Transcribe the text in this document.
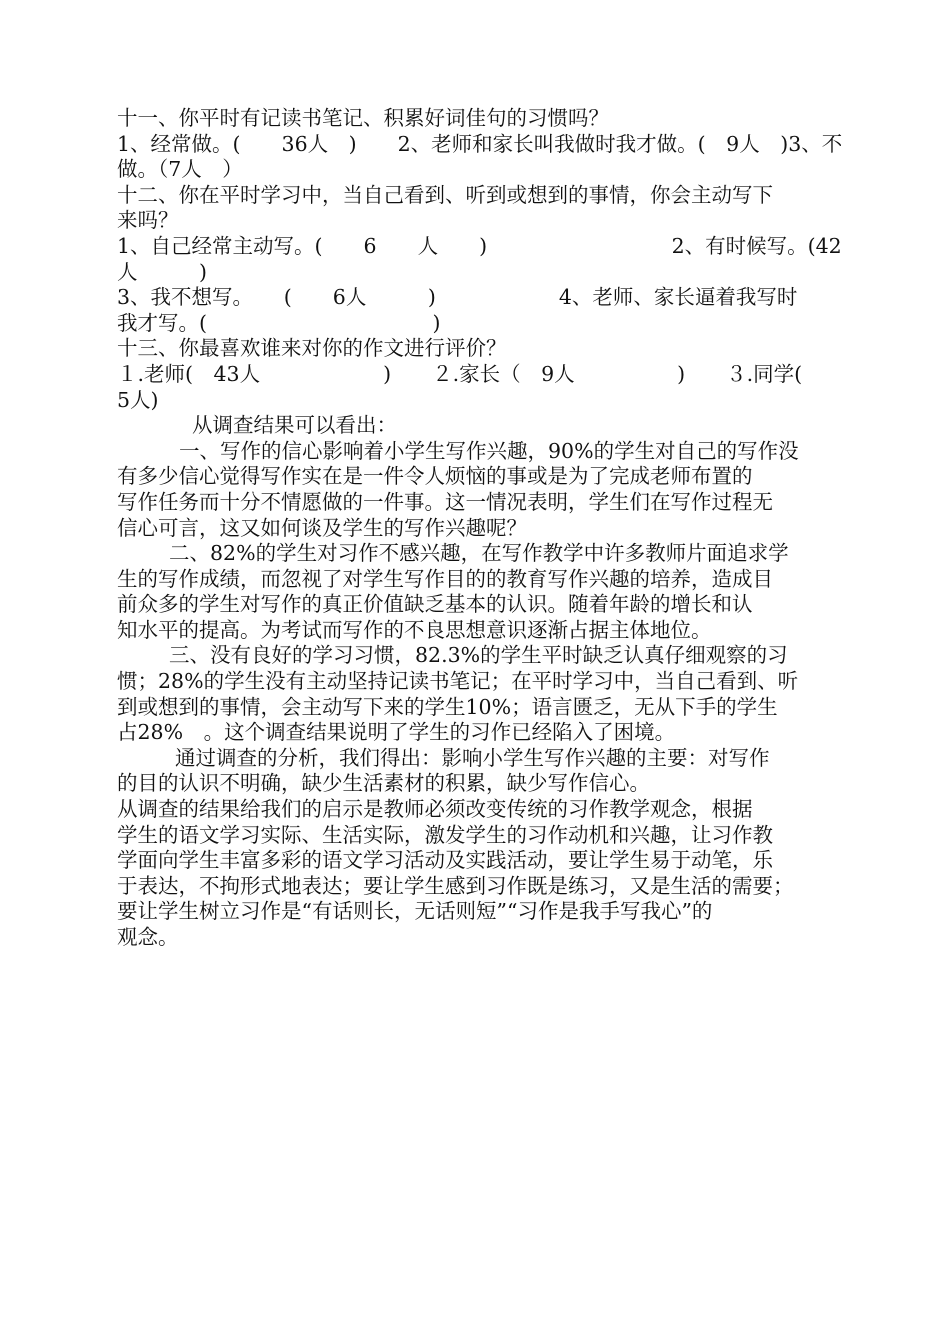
十一、你平时有记读书笔记、积累好词佳句的习惯吗？
1、经常做。(　　36人　)　　2、老师和家长叫我做时我才做。(　9人　)3、不
做。（7人　）
十二、你在平时学习中，当自己看到、听到或想到的事情，你会主动写下
来吗？
1、自己经常主动写。(　　6　　人　　)　　　　　　　　　2、有时候写。(42
人　　　)
3、我不想写。　　(　　6人　　　)　　　　　　4、老师、家长逼着我写时
我才写。(　　　　　　　　　　　)
十三、你最喜欢谁来对你的作文进行评价？
１.老师(　43人　　　　　　)　　２.家长（　9人　　　　　)　　３.同学(
5人)
从调查结果可以看出：
一、写作的信心影响着小学生写作兴趣，90%的学生对自己的写作没
有多少信心觉得写作实在是一件令人烦恼的事或是为了完成老师布置的
写作任务而十分不情愿做的一件事。这一情况表明，学生们在写作过程无
信心可言，这又如何谈及学生的写作兴趣呢？
二、82%的学生对习作不感兴趣，在写作教学中许多教师片面追求学
生的写作成绩，而忽视了对学生写作目的的教育写作兴趣的培养，造成目
前众多的学生对写作的真正价值缺乏基本的认识。随着年龄的增长和认
知水平的提高。为考试而写作的不良思想意识逐渐占据主体地位。
三、没有良好的学习习惯，82.3%的学生平时缺乏认真仔细观察的习
惯；28%的学生没有主动坚持记读书笔记；在平时学习中，当自己看到、听
到或想到的事情，会主动写下来的学生10%；语言匮乏，无从下手的学生
占28%　。这个调查结果说明了学生的习作已经陷入了困境。
通过调查的分析，我们得出：影响小学生写作兴趣的主要：对写作
的目的认识不明确，缺少生活素材的积累，缺少写作信心。
从调查的结果给我们的启示是教师必须改变传统的习作教学观念，根据
学生的语文学习实际、生活实际，激发学生的习作动机和兴趣，让习作教
学面向学生丰富多彩的语文学习活动及实践活动，要让学生易于动笔，乐
于表达，不拘形式地表达；要让学生感到习作既是练习，又是生活的需要；
要让学生树立习作是“有话则长，无话则短”“习作是我手写我心”的
观念。
